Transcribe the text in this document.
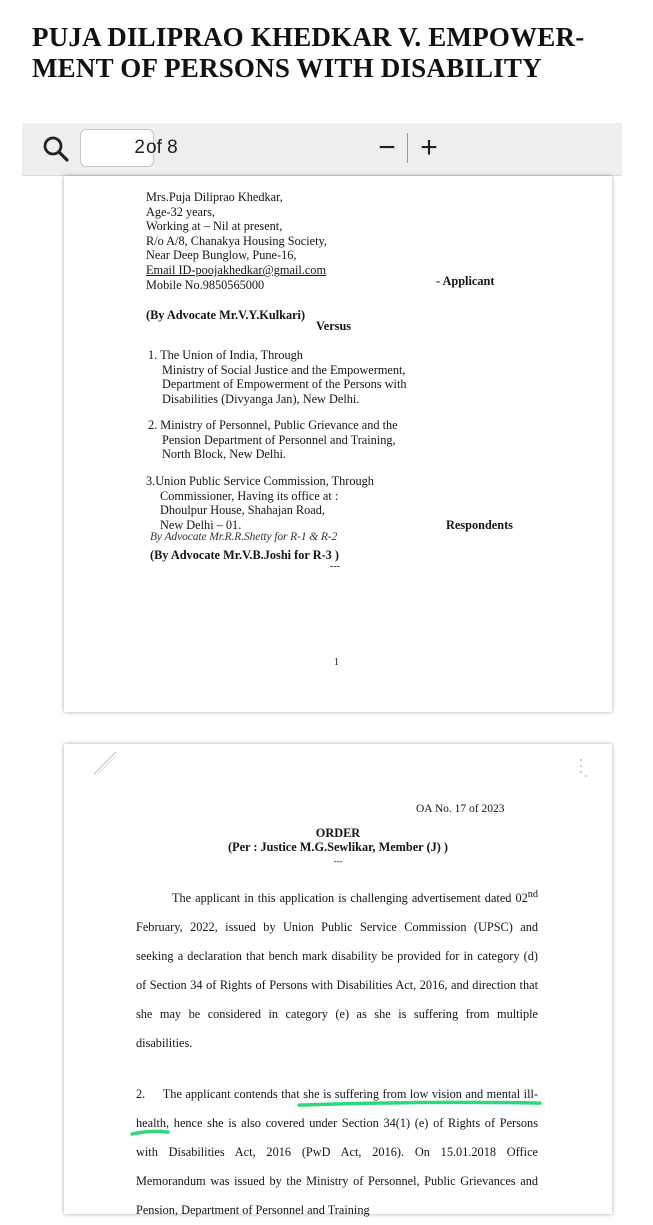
PUJA DILIPRAO KHEDKAR V. EMPOWER-
MENT OF PERSONS WITH DISABILITY
2
of 8	− +
Mrs.Puja Diliprao Khedkar,
Age-32 years,
Working at – Nil at present,
R/o A/8, Chanakya Housing Society,
Near Deep Bunglow, Pune-16,
Email ID-poojakhedkar@gmail.com
Mobile No.9850565000	- Applicant
(By Advocate Mr.V.Y.Kulkari)
Versus
1. The Union of India, Through
Ministry of Social Justice and the Empowerment,
Department of Empowerment of the Persons with
Disabilities (Divyanga Jan), New Delhi.
2. Ministry of Personnel, Public Grievance and the
Pension Department of Personnel and Training,
North Block, New Delhi.
3.Union Public Service Commission, Through
Commissioner, Having its office at :
Dhoulpur House, Shahajan Road,
New Delhi – 01.	Respondents
By Advocate Mr.R.R.Shetty for R-1 & R-2
(By Advocate Mr.V.B.Joshi for R-3 )
---
1
OA No. 17 of 2023
ORDER
(Per : Justice M.G.Sewlikar, Member (J) )
---

The applicant in this application is challenging advertisement dated 02nd February, 2022, issued by Union Public Service Commission (UPSC) and seeking a declaration that bench mark disability be provided for in category (d) of Section 34 of Rights of Persons with Disabilities Act, 2016, and direction that she may be considered in category (e) as she is suffering from multiple disabilities.

2. The applicant contends that she is suffering from low vision and mental ill-health, hence she is also covered under Section 34(1) (e) of Rights of Persons with Disabilities Act, 2016 (PwD Act, 2016). On 15.01.2018 Office Memorandum was issued by the Ministry of Personnel, Public Grievances and Pension, Department of Personnel and Training
